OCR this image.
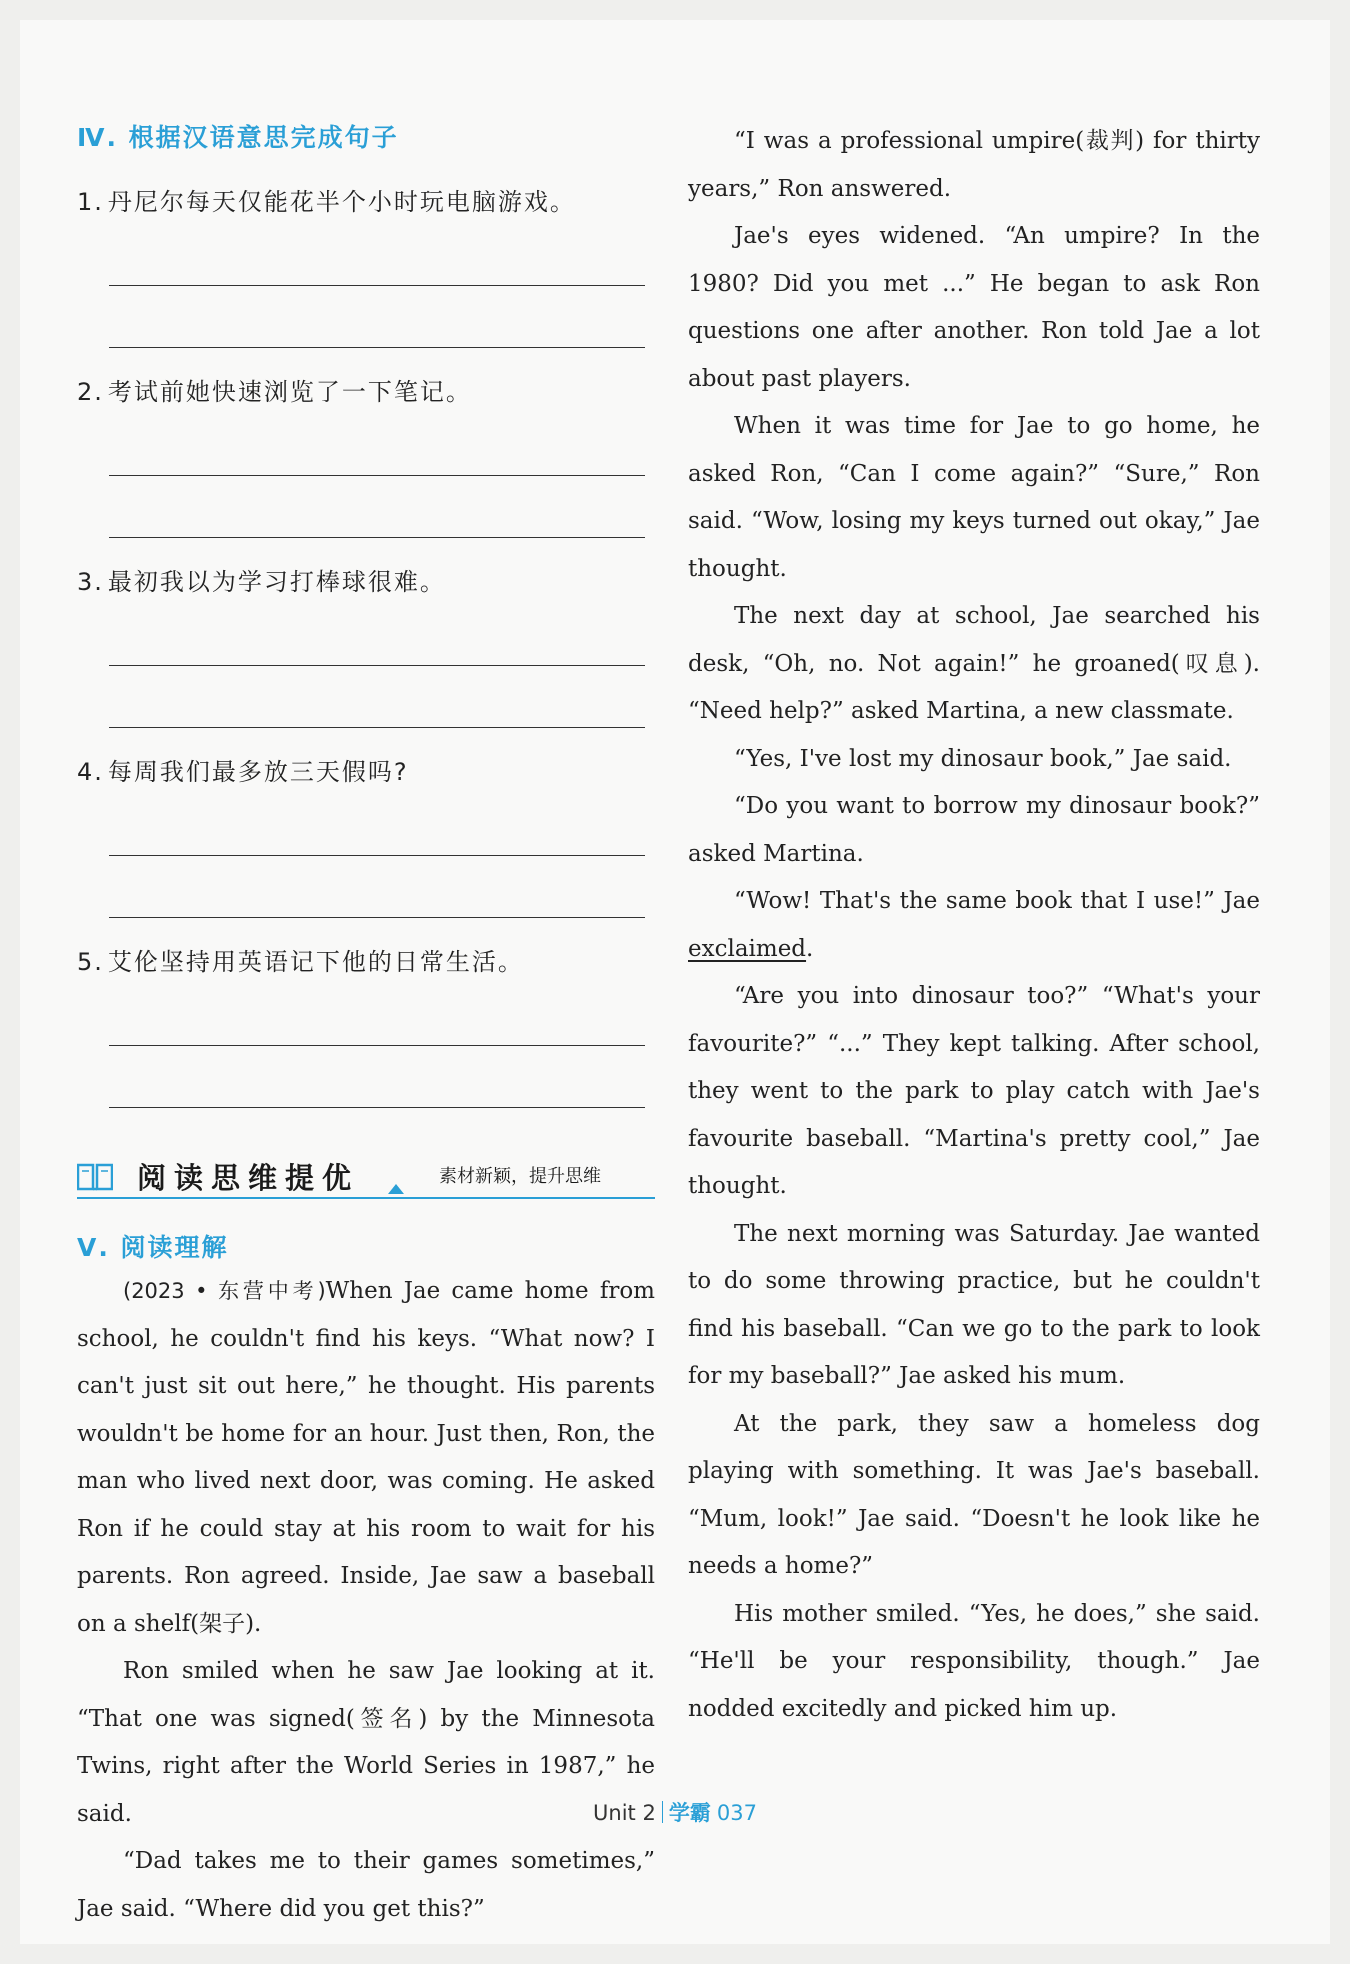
Ⅳ. 根据汉语意思完成句子
1. 丹尼尔每天仅能花半个小时玩电脑游戏。
2. 考试前她快速浏览了一下笔记。
3. 最初我以为学习打棒球很难。
4. 每周我们最多放三天假吗?
5. 艾伦坚持用英语记下他的日常生活。
阅读思维提优	素材新颖，提升思维
Ⅴ. 阅读理解

(2023 • 东营中考)When Jae came home from school, he couldn't find his keys. “What now? I can't just sit out here,” he thought. His parents wouldn't be home for an hour. Just then, Ron, the man who lived next door, was coming. He asked Ron if he could stay at his room to wait for his parents. Ron agreed. Inside, Jae saw a baseball on a shelf(架子).

Ron smiled when he saw Jae looking at it. “That one was signed(签名) by the Minnesota Twins, right after the World Series in 1987,” he said.

“Dad takes me to their games sometimes,” Jae said. “Where did you get this?”

“I was a professional umpire(裁判) for thirty years,” Ron answered.

Jae's eyes widened. “An umpire? In the 1980? Did you met ...” He began to ask Ron questions one after another. Ron told Jae a lot about past players.

When it was time for Jae to go home, he asked Ron, “Can I come again?” “Sure,” Ron said. “Wow, losing my keys turned out okay,” Jae thought.

The next day at school, Jae searched his desk, “Oh, no. Not again!” he groaned(叹息). “Need help?” asked Martina, a new classmate.

“Yes, I've lost my dinosaur book,” Jae said.

“Do you want to borrow my dinosaur book?” asked Martina.

“Wow! That's the same book that I use!” Jae exclaimed.

“Are you into dinosaur too?” “What's your favourite?” “...” They kept talking. After school, they went to the park to play catch with Jae's favourite baseball. “Martina's pretty cool,” Jae thought.

The next morning was Saturday. Jae wanted to do some throwing practice, but he couldn't find his baseball. “Can we go to the park to look for my baseball?” Jae asked his mum.

At the park, they saw a homeless dog playing with something. It was Jae's baseball. “Mum, look!” Jae said. “Doesn't he look like he needs a home?”

His mother smiled. “Yes, he does,” she said. “He'll be your responsibility, though.” Jae nodded excitedly and picked him up.

Unit 2 学霸 037
